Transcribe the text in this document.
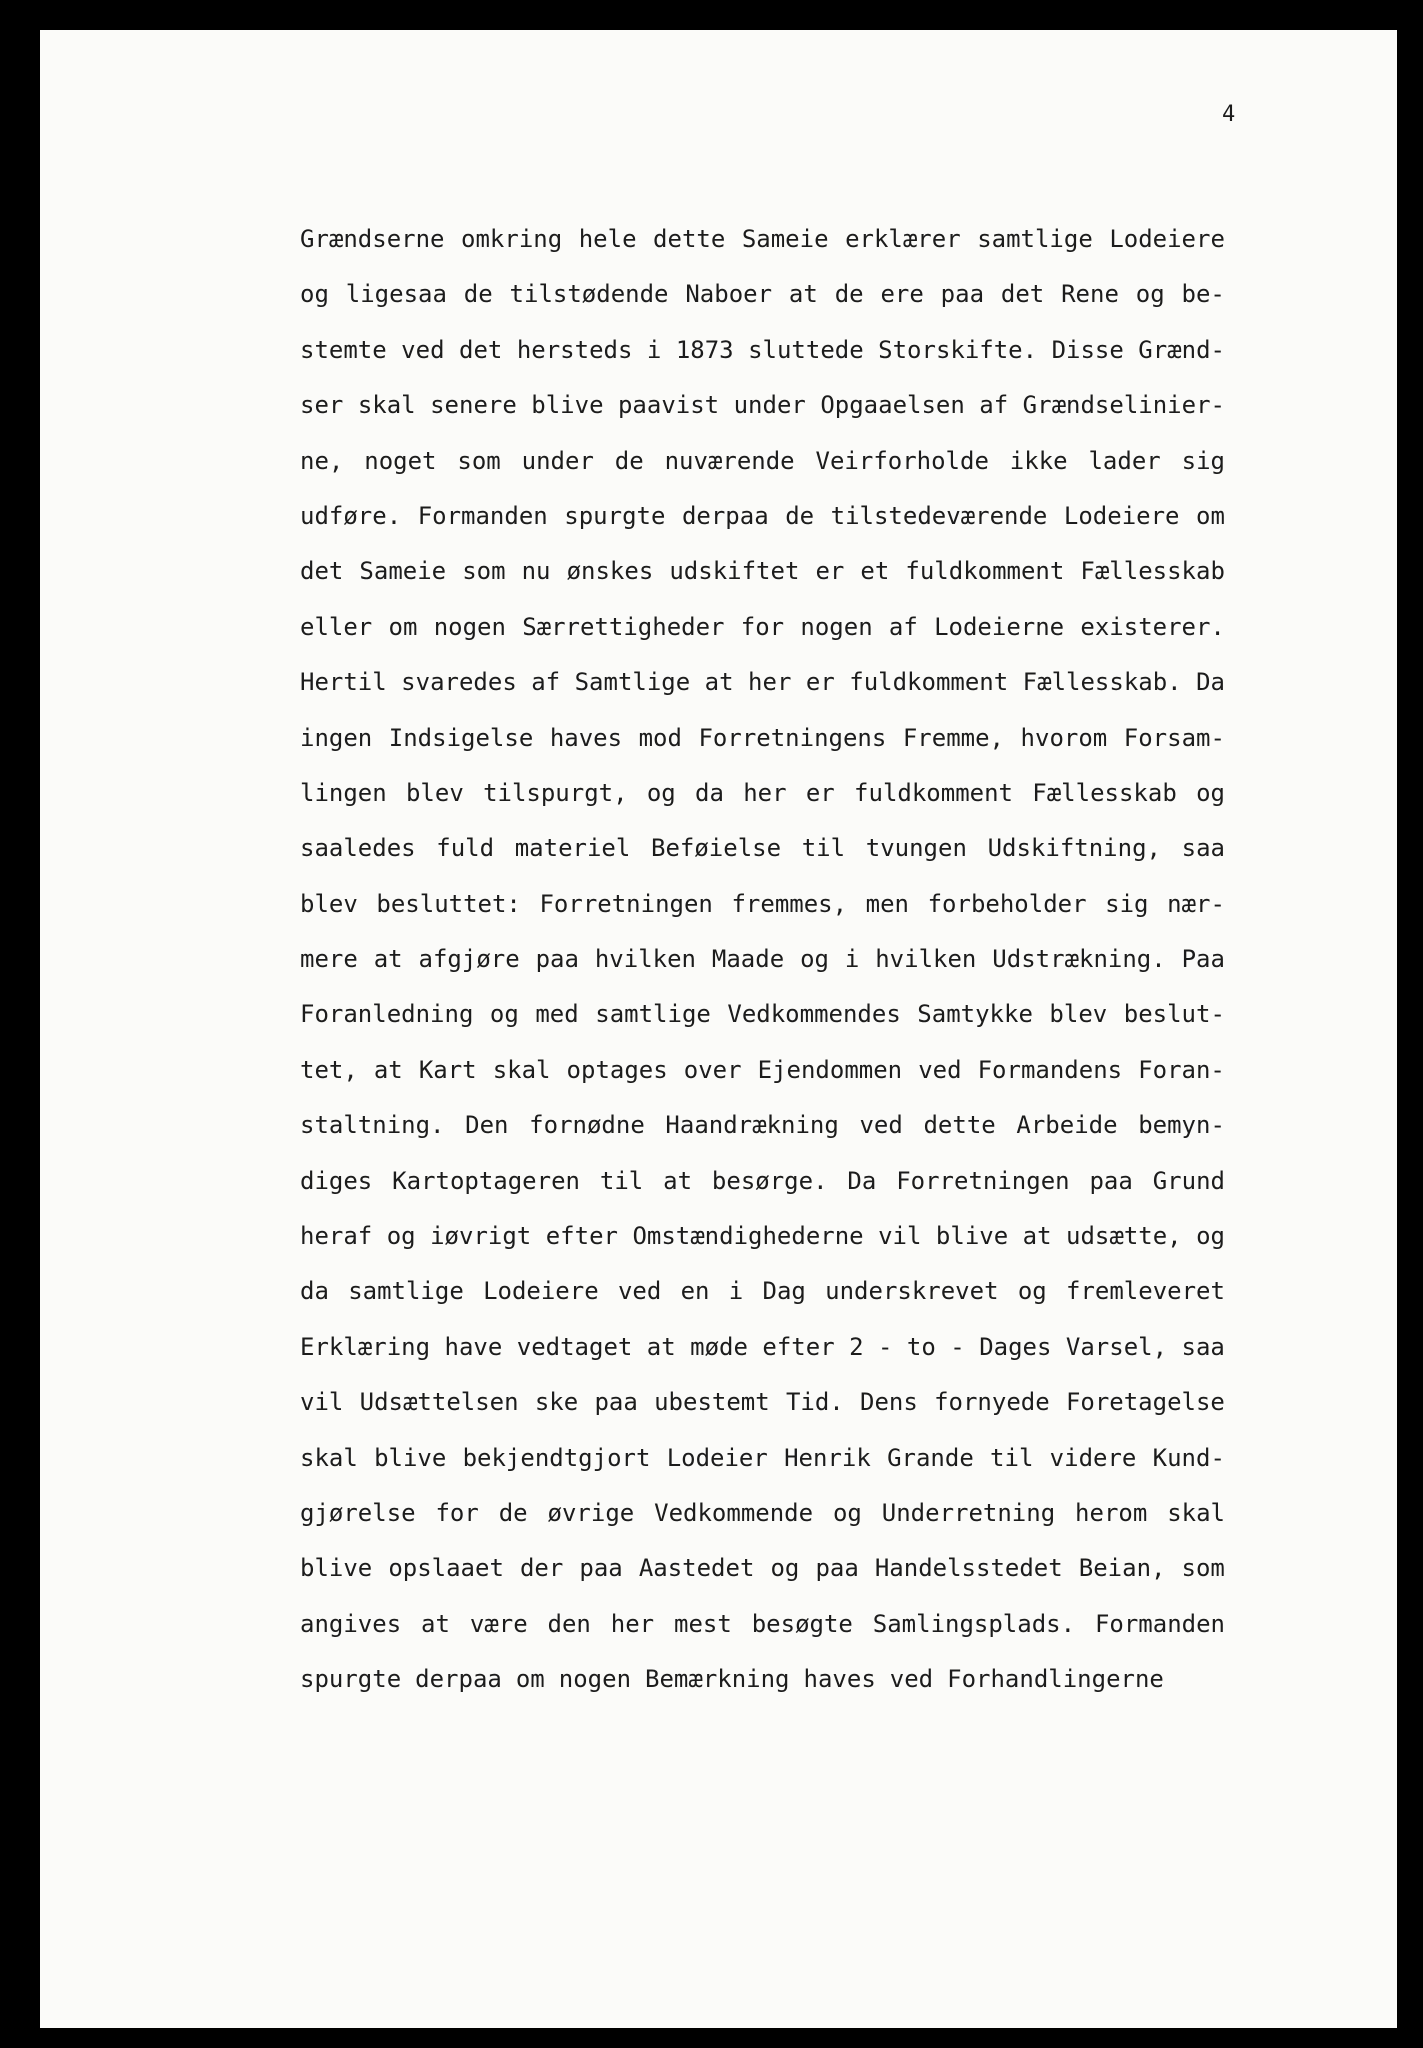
4
Grændserne omkring hele dette Sameie erklærer samtlige Lodeiere
og ligesaa de tilstødende Naboer at de ere paa det Rene og be-
stemte ved det hersteds i 1873 sluttede Storskifte. Disse Grænd-
ser skal senere blive paavist under Opgaaelsen af Grændselinier-
ne, noget som under de nuværende Veirforholde ikke lader sig
udføre. Formanden spurgte derpaa de tilstedeværende Lodeiere om
det Sameie som nu ønskes udskiftet er et fuldkomment Fællesskab
eller om nogen Særrettigheder for nogen af Lodeierne existerer.
Hertil svaredes af Samtlige at her er fuldkomment Fællesskab. Da
ingen Indsigelse haves mod Forretningens Fremme, hvorom Forsam-
lingen blev tilspurgt, og da her er fuldkomment Fællesskab og
saaledes fuld materiel Beføielse til tvungen Udskiftning, saa
blev besluttet: Forretningen fremmes, men forbeholder sig nær-
mere at afgjøre paa hvilken Maade og i hvilken Udstrækning. Paa
Foranledning og med samtlige Vedkommendes Samtykke blev beslut-
tet, at Kart skal optages over Ejendommen ved Formandens Foran-
staltning. Den fornødne Haandrækning ved dette Arbeide bemyn-
diges Kartoptageren til at besørge. Da Forretningen paa Grund
heraf og iøvrigt efter Omstændighederne vil blive at udsætte, og
da samtlige Lodeiere ved en i Dag underskrevet og fremleveret
Erklæring have vedtaget at møde efter 2 - to - Dages Varsel, saa
vil Udsættelsen ske paa ubestemt Tid. Dens fornyede Foretagelse
skal blive bekjendtgjort Lodeier Henrik Grande til videre Kund-
gjørelse for de øvrige Vedkommende og Underretning herom skal
blive opslaaet der paa Aastedet og paa Handelsstedet Beian, som
angives at være den her mest besøgte Samlingsplads. Formanden
spurgte derpaa om nogen Bemærkning haves ved Forhandlingerne
